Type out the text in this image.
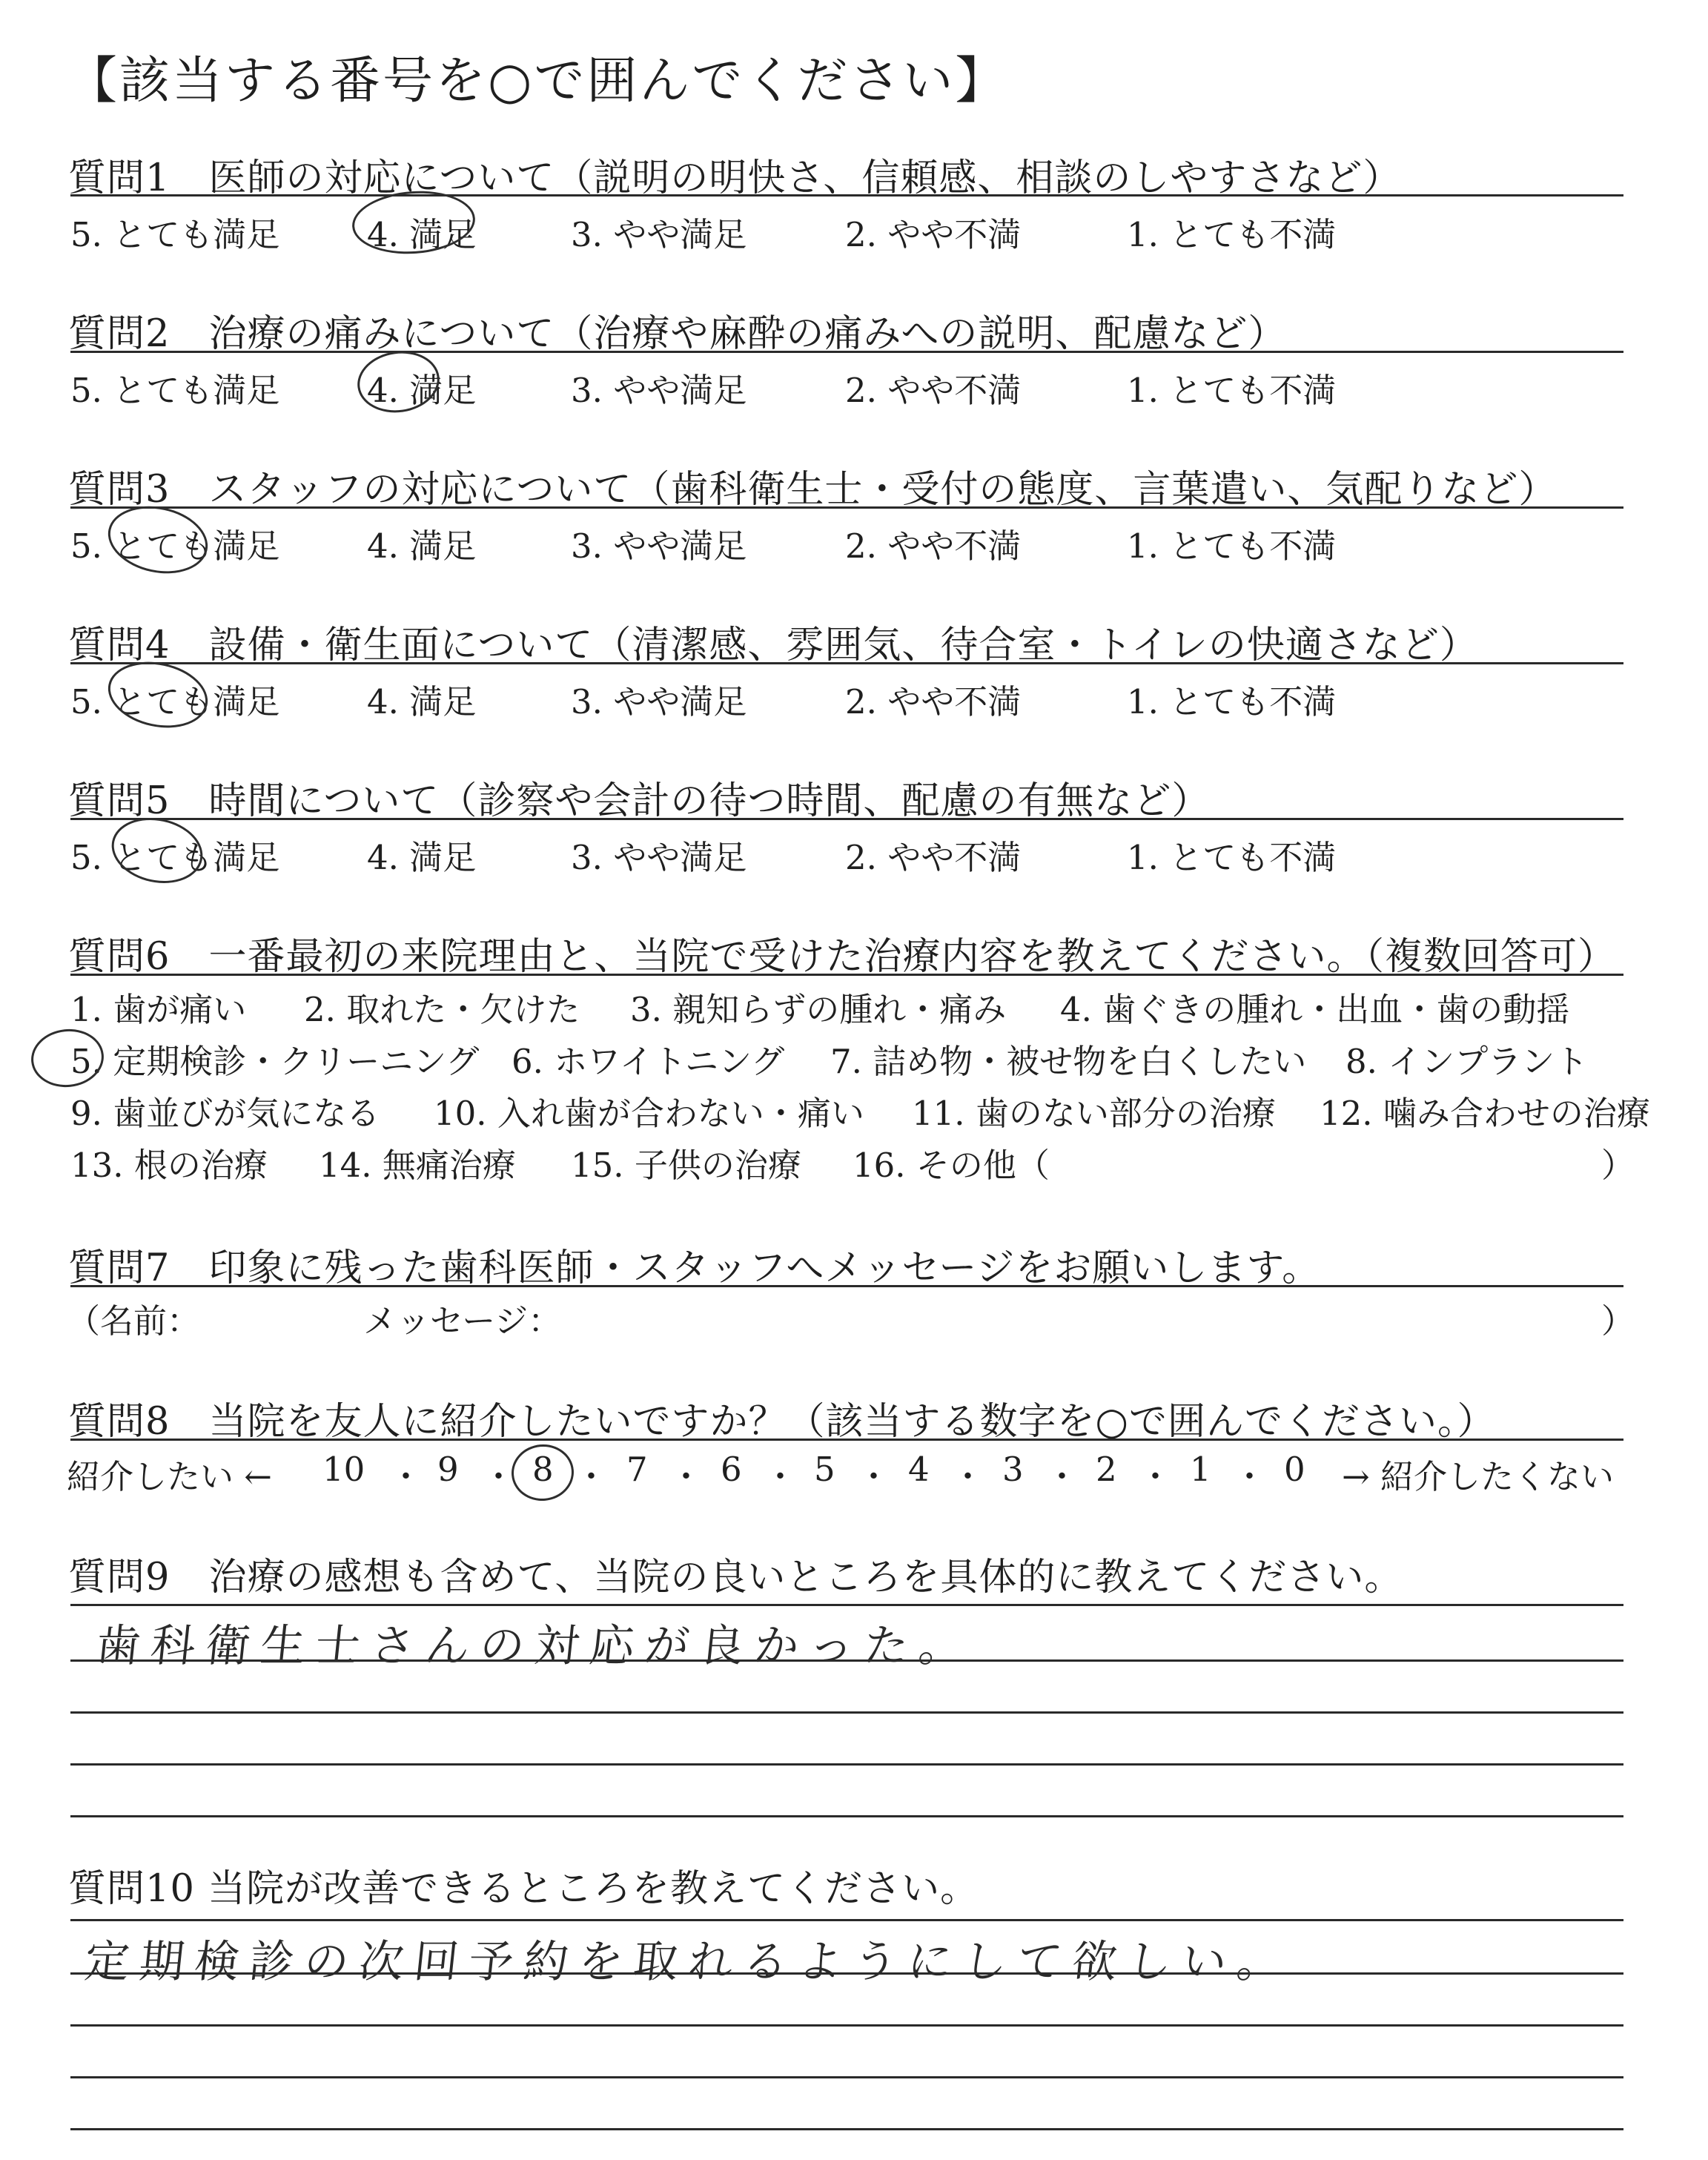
【該当する番号を○で囲んでください】
質問1　医師の対応について（説明の明快さ、信頼感、相談のしやすさなど）
5. とても満足	4. 満足	3. やや満足	2. やや不満	1. とても不満
質問2　治療の痛みについて（治療や麻酔の痛みへの説明、配慮など）
5. とても満足	4. 満足	3. やや満足	2. やや不満	1. とても不満
質問3　スタッフの対応について（歯科衛生士・受付の態度、言葉遣い、気配りなど）
5. とても満足	4. 満足	3. やや満足	2. やや不満	1. とても不満
質問4　設備・衛生面について（清潔感、雰囲気、待合室・トイレの快適さなど）
5. とても満足	4. 満足	3. やや満足	2. やや不満	1. とても不満
質問5　時間について（診察や会計の待つ時間、配慮の有無など）
5. とても満足	4. 満足	3. やや満足	2. やや不満	1. とても不満
質問6　一番最初の来院理由と、当院で受けた治療内容を教えてください。（複数回答可）
1. 歯が痛い 2. 取れた・欠けた 3. 親知らずの腫れ・痛み 4. 歯ぐきの腫れ・出血・歯の動揺
5. 定期検診・クリーニング 6. ホワイトニング 7. 詰め物・被せ物を白くしたい 8. インプラント
9. 歯並びが気になる 10. 入れ歯が合わない・痛い 11. 歯のない部分の治療 12. 噛み合わせの治療
13. 根の治療 14. 無痛治療 15. 子供の治療 16. その他（	）
質問7　印象に残った歯科医師・スタッフへメッセージをお願いします。
（名前：	メッセージ：	）
質問8　当院を友人に紹介したいですか？（該当する数字を○で囲んでください。）
紹介したい ← 10 ・ 9 ・ 8 ・ 7 ・ 6 ・ 5 ・ 4 ・ 3 ・ 2 ・ 1 ・ 0 → 紹介したくない
質問9　治療の感想も含めて、当院の良いところを具体的に教えてください。
歯科衛生士さんの対応が良かった。
質問10 当院が改善できるところを教えてください。
定期検診の次回予約を取れるようにして欲しい。
